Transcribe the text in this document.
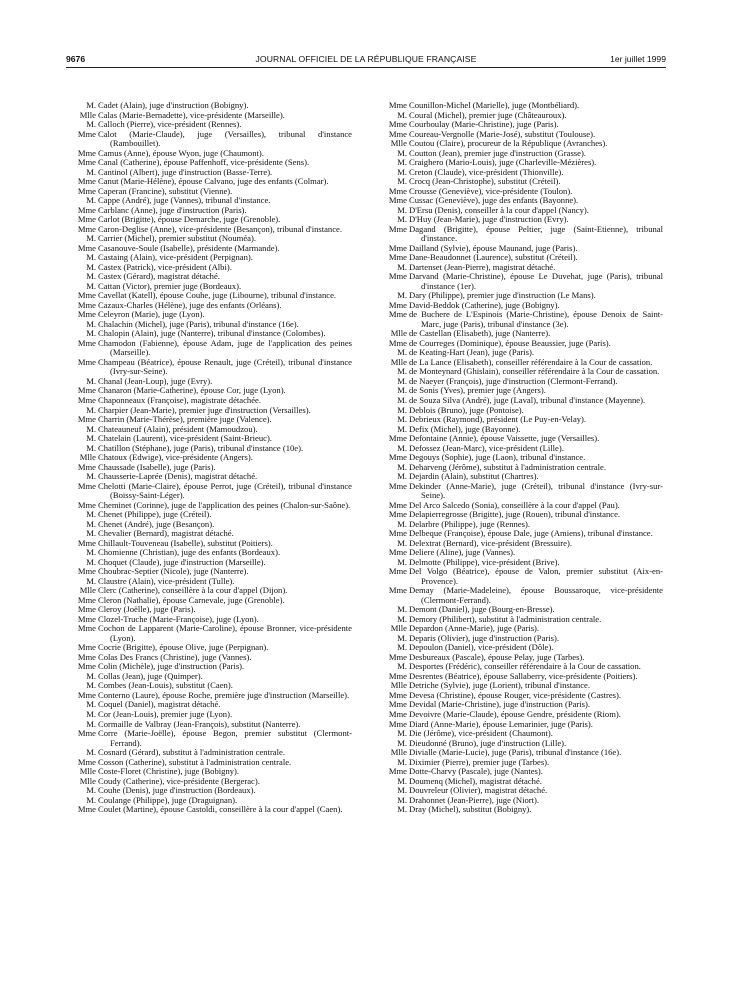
9676	JOURNAL OFFICIEL DE LA RÉPUBLIQUE FRANÇAISE	1er juillet 1999
M. Cadet (Alain), juge d'instruction (Bobigny).
Mlle Calas (Marie-Bernadette), vice-présidente (Marseille).
M. Calloch (Pierre), vice-président (Rennes).
Mme Calot (Marie-Claude), juge (Versailles), tribunal d'instance (Rambouillet).
Mme Camus (Anne), épouse Wyon, juge (Chaumont).
Mme Canal (Catherine), épouse Paffenhoff, vice-présidente (Sens).
M. Cantinol (Albert), juge d'instruction (Basse-Terre).
Mme Canut (Marie-Hélène), épouse Calvano, juge des enfants (Colmar).
Mme Caperan (Francine), substitut (Vienne).
M. Cappe (André), juge (Vannes), tribunal d'instance.
Mme Carblanc (Anne), juge d'instruction (Paris).
Mme Carlot (Brigitte), épouse Demarche, juge (Grenoble).
Mme Caron-Deglise (Anne), vice-présidente (Besançon), tribunal d'instance.
M. Carrier (Michel), premier substitut (Nouméa).
Mme Casanouve-Soule (Isabelle), présidente (Marmande).
M. Castaing (Alain), vice-président (Perpignan).
M. Castex (Patrick), vice-président (Albi).
M. Castex (Gérard), magistrat détaché.
M. Cattan (Victor), premier juge (Bordeaux).
Mme Cavellat (Katell), épouse Couhe, juge (Libourne), tribunal d'instance.
Mme Cazaux-Charles (Hélène), juge des enfants (Orléans).
Mme Celeyron (Marie), juge (Lyon).
M. Chalachin (Michel), juge (Paris), tribunal d'instance (16e).
M. Chalopin (Alain), juge (Nanterre), tribunal d'instance (Colombes).
Mme Chamodon (Fabienne), épouse Adam, juge de l'application des peines (Marseille).
Mme Champeau (Béatrice), épouse Renault, juge (Créteil), tribunal d'instance (Ivry-sur-Seine).
M. Chanal (Jean-Loup), juge (Evry).
Mme Chanaron (Marie-Catherine), épouse Cor, juge (Lyon).
Mme Chaponneaux (Françoise), magistrate détachée.
M. Charpier (Jean-Marie), premier juge d'instruction (Versailles).
Mme Charrin (Marie-Thérèse), première juge (Valence).
M. Chateauneuf (Alain), président (Mamoudzou).
M. Chatelain (Laurent), vice-président (Saint-Brieuc).
M. Chatillon (Stéphane), juge (Paris), tribunal d'instance (10e).
Mlle Chatoux (Edwige), vice-présidente (Angers).
Mme Chaussade (Isabelle), juge (Paris).
M. Chausserie-Laprée (Denis), magistrat détaché.
Mme Chelotti (Marie-Claire), épouse Perrot, juge (Créteil), tribunal d'instance (Boissy-Saint-Léger).
Mme Cheminet (Corinne), juge de l'application des peines (Chalon-sur-Saône).
M. Chenet (Philippe), juge (Créteil).
M. Chenet (André), juge (Besançon).
M. Chevalier (Bernard), magistrat détaché.
Mme Chillault-Touveneau (Isabelle), substitut (Poitiers).
M. Chomienne (Christian), juge des enfants (Bordeaux).
M. Choquet (Claude), juge d'instruction (Marseille).
Mme Choubrac-Septier (Nicole), juge (Nanterre).
M. Claustre (Alain), vice-président (Tulle).
Mlle Clerc (Catherine), conseillère à la cour d'appel (Dijon).
Mme Cleron (Nathalie), épouse Carnevale, juge (Grenoble).
Mme Cleroy (Joëlle), juge (Paris).
Mme Clozel-Truche (Marie-Françoise), juge (Lyon).
Mme Cochon de Lapparent (Marie-Caroline), épouse Bronner, vice-présidente (Lyon).
Mme Cocrie (Brigitte), épouse Olive, juge (Perpignan).
Mme Colas Des Francs (Christine), juge (Vannes).
Mme Colin (Michèle), juge d'instruction (Paris).
M. Collas (Jean), juge (Quimper).
M. Combes (Jean-Louis), substitut (Caen).
Mme Conterno (Laure), épouse Roche, première juge d'instruction (Marseille).
M. Coquel (Daniel), magistrat détaché.
M. Cor (Jean-Louis), premier juge (Lyon).
M. Cormaille de Valbray (Jean-François), substitut (Nanterre).
Mme Corre (Marie-Joëlle), épouse Begon, premier substitut (Clermont-Ferrand).
M. Cosnard (Gérard), substitut à l'administration centrale.
Mme Cosson (Catherine), substitut à l'administration centrale.
Mlle Coste-Floret (Christine), juge (Bobigny).
Mlle Coudy (Catherine), vice-présidente (Bergerac).
M. Couhe (Denis), juge d'instruction (Bordeaux).
M. Coulange (Philippe), juge (Draguignan).
Mme Coulet (Martine), épouse Castoldi, conseillère à la cour d'appel (Caen).
Mme Counillon-Michel (Marielle), juge (Montbéliard).
M. Coural (Michel), premier juge (Châteauroux).
Mme Courboulay (Marie-Christine), juge (Paris).
Mme Coureau-Vergnolle (Marie-José), substitut (Toulouse).
Mlle Coutou (Claire), procureur de la République (Avranches).
M. Coutton (Jean), premier juge d'instruction (Grasse).
M. Craighero (Mario-Louis), juge (Charleville-Mézières).
M. Creton (Claude), vice-président (Thionville).
M. Crocq (Jean-Christophe), substitut (Créteil).
Mme Crousse (Geneviève), vice-présidente (Toulon).
Mme Cussac (Geneviève), juge des enfants (Bayonne).
M. D'Ersu (Denis), conseiller à la cour d'appel (Nancy).
M. D'Huy (Jean-Marie), juge d'instruction (Evry).
Mme Dagand (Brigitte), épouse Peltier, juge (Saint-Etienne), tribunal d'instance.
Mme Dailland (Sylvie), épouse Maunand, juge (Paris).
Mme Dane-Beaudonnet (Laurence), substitut (Créteil).
M. Dartenset (Jean-Pierre), magistrat détaché.
Mme Darvand (Marie-Christine), épouse Le Duvehat, juge (Paris), tribunal d'instance (1er).
M. Dary (Philippe), premier juge d'instruction (Le Mans).
Mme David-Beddok (Catherine), juge (Bobigny).
Mme de Buchere de L'Espinois (Marie-Christine), épouse Denoix de Saint-Marc, juge (Paris), tribunal d'instance (3e).
Mlle de Castellan (Elisabeth), juge (Nanterre).
Mme de Courreges (Dominique), épouse Beaussier, juge (Paris).
M. de Keating-Hart (Jean), juge (Paris).
Mlle de La Lance (Elisabeth), conseiller référendaire à la Cour de cassation.
M. de Monteynard (Ghislain), conseiller référendaire à la Cour de cassation.
M. de Naeyer (François), juge d'instruction (Clermont-Ferrand).
M. de Sonis (Yves), premier juge (Angers).
M. de Souza Silva (André), juge (Laval), tribunal d'instance (Mayenne).
M. Deblois (Bruno), juge (Pontoise).
M. Debrieux (Raymond), président (Le Puy-en-Velay).
M. Defix (Michel), juge (Bayonne).
Mme Defontaine (Annie), épouse Vaissette, juge (Versailles).
M. Defossez (Jean-Marc), vice-président (Lille).
Mme Degouys (Sophie), juge (Laon), tribunal d'instance.
M. Deharveng (Jérôme), substitut à l'administration centrale.
M. Dejardin (Alain), substitut (Chartres).
Mme Dekinder (Anne-Marie), juge (Créteil), tribunal d'instance (Ivry-sur-Seine).
Mme Del Arco Salcedo (Sonia), conseillère à la cour d'appel (Pau).
Mme Delapierregrosse (Brigitte), juge (Rouen), tribunal d'instance.
M. Delarbre (Philippe), juge (Rennes).
Mme Delbeque (Françoise), épouse Dale, juge (Amiens), tribunal d'instance.
M. Delextrat (Bernard), vice-président (Bressuire).
Mme Deliere (Aline), juge (Vannes).
M. Delmotte (Philippe), vice-président (Brive).
Mme Del Volgo (Béatrice), épouse de Valon, premier substitut (Aix-en-Provence).
Mme Demay (Marie-Madeleine), épouse Boussaroque, vice-présidente (Clermont-Ferrand).
M. Demont (Daniel), juge (Bourg-en-Bresse).
M. Demory (Philibert), substitut à l'administration centrale.
Mlle Depardon (Anne-Marie), juge (Paris).
M. Deparis (Olivier), juge d'instruction (Paris).
M. Depoulon (Daniel), vice-président (Dôle).
Mme Desbureaux (Pascale), épouse Pelay, juge (Tarbes).
M. Desportes (Frédéric), conseiller référendaire à la Cour de cassation.
Mme Desrentes (Béatrice), épouse Sallaberry, vice-présidente (Poitiers).
Mlle Detriche (Sylvie), juge (Lorient), tribunal d'instance.
Mme Devesa (Christine), épouse Rouger, vice-présidente (Castres).
Mme Devidal (Marie-Christine), juge d'instruction (Paris).
Mme Devoivre (Marie-Claude), épouse Gendre, présidente (Riom).
Mme Diard (Anne-Marie), épouse Lemarinier, juge (Paris).
M. Die (Jérôme), vice-président (Chaumont).
M. Dieudonné (Bruno), juge d'instruction (Lille).
Mlle Divialle (Marie-Lucie), juge (Paris), tribunal d'instance (16e).
M. Diximier (Pierre), premier juge (Tarbes).
Mme Dotte-Charvy (Pascale), juge (Nantes).
M. Doumenq (Michel), magistrat détaché.
M. Douvreleur (Olivier), magistrat détaché.
M. Drahonnet (Jean-Pierre), juge (Niort).
M. Dray (Michel), substitut (Bobigny).
